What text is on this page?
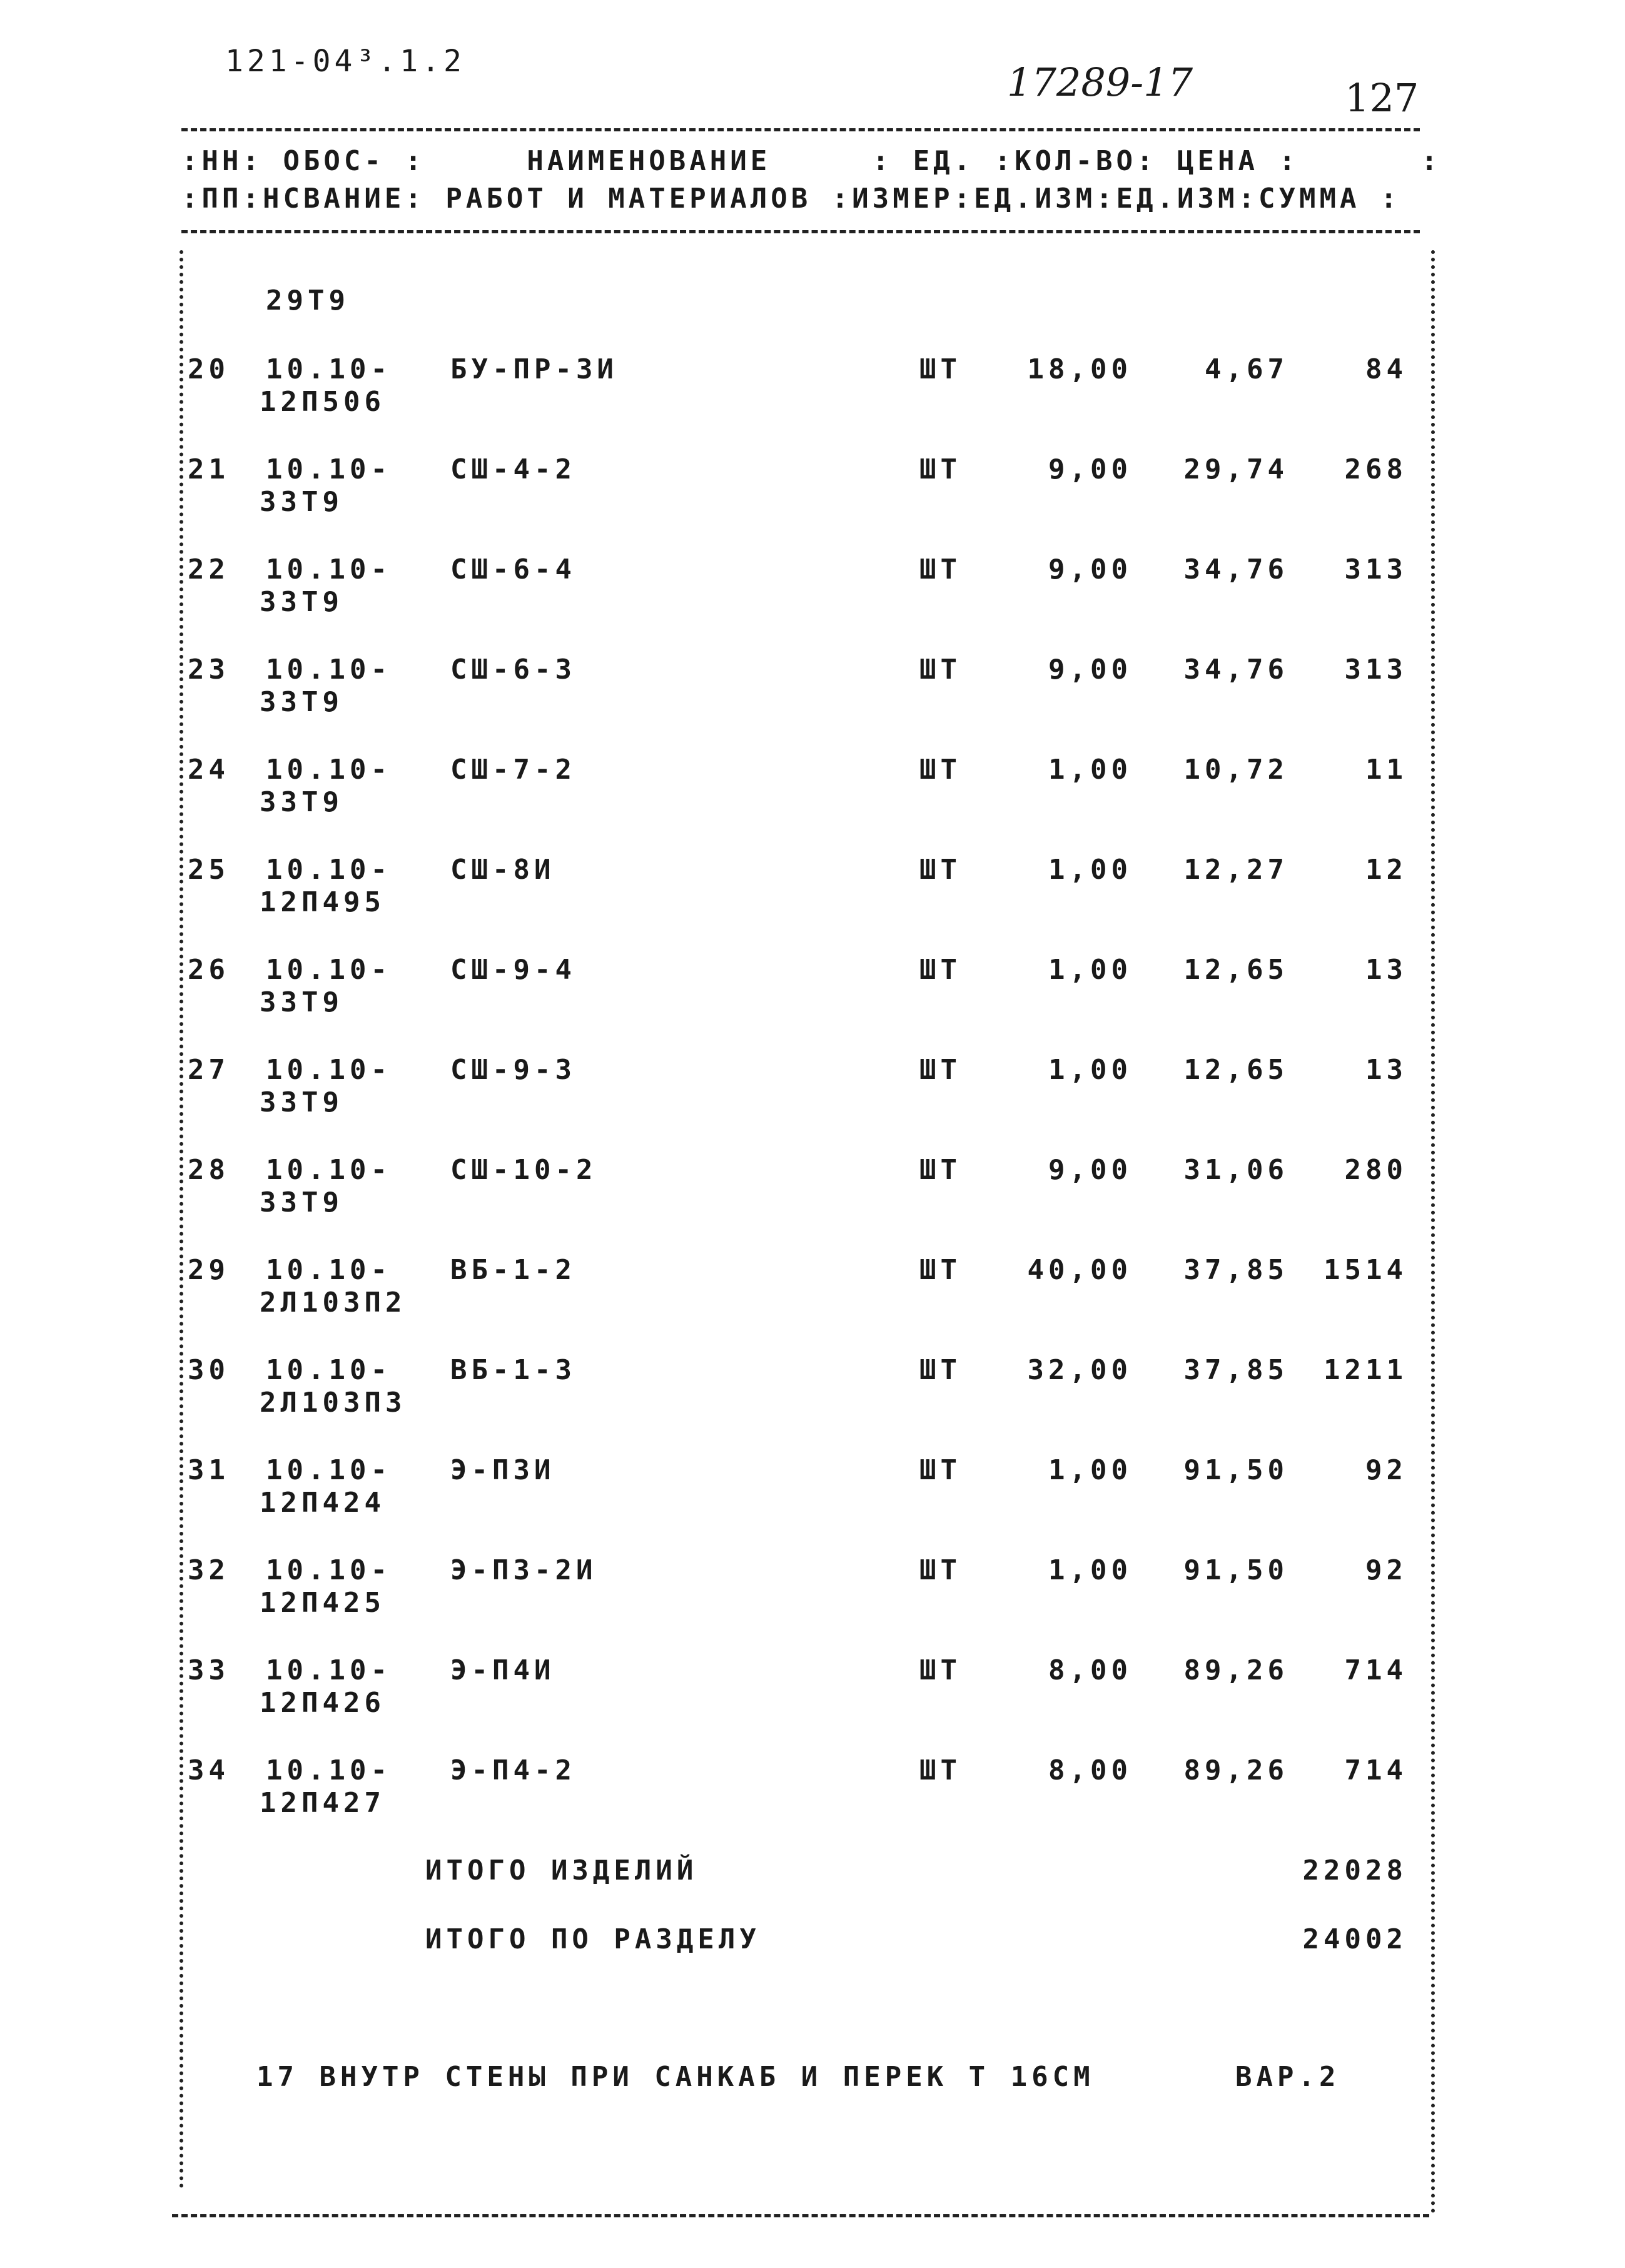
121-04³.1.2	17289-17	127
:НН: ОБОС- :     НАИМЕНОВАНИЕ     : ЕД. :КОЛ-ВО: ЦЕНА :      :
:ПП:НСВАНИЕ: РАБОТ И МАТЕРИАЛОВ :ИЗМЕР:ЕД.ИЗМ:ЕД.ИЗМ:СУММА :
29Т9
20 10.10-	БУ-ПР-3И	ШТ	18,00	4,67	84
12П506
21 10.10-	СШ-4-2	ШТ	9,00	29,74	268
33Т9
22 10.10-	СШ-6-4	ШТ	9,00	34,76	313
33Т9
23 10.10-	СШ-6-3	ШТ	9,00	34,76	313
33Т9
24 10.10-	СШ-7-2	ШТ	1,00	10,72	11
33Т9
25 10.10-	СШ-8И	ШТ	1,00	12,27	12
12П495
26 10.10-	СШ-9-4	ШТ	1,00	12,65	13
33Т9
27 10.10-	СШ-9-3	ШТ	1,00	12,65	13
33Т9
28 10.10-	СШ-10-2	ШТ	9,00	31,06	280
33Т9
29 10.10-	ВБ-1-2	ШТ	40,00	37,85	1514
2Л103П2
30 10.10-	ВБ-1-3	ШТ	32,00	37,85	1211
2Л103П3
31 10.10-	Э-П3И	ШТ	1,00	91,50	92
12П424
32 10.10-	Э-П3-2И	ШТ	1,00	91,50	92
12П425
33 10.10-	Э-П4И	ШТ	8,00	89,26	714
12П426
34 10.10-	Э-П4-2	ШТ	8,00	89,26	714
12П427
ИТОГО ИЗДЕЛИЙ	22028
ИТОГО ПО РАЗДЕЛУ	24002
17 ВНУТР СТЕНЫ ПРИ САНКАБ И ПЕРЕК Т 16СМ	ВАР.2
